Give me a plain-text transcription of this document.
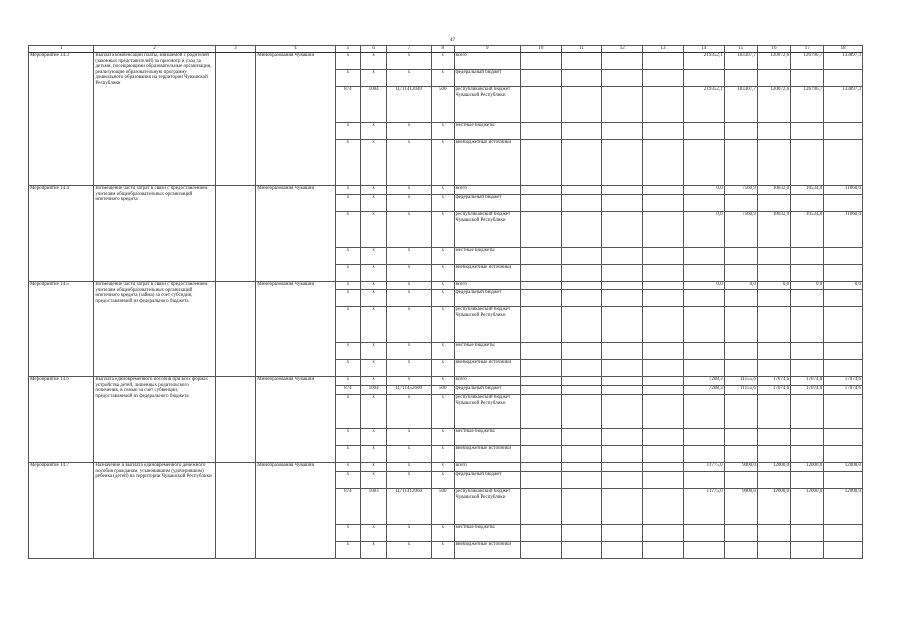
47
1	2	3	4	5	6	7	8	9	10	11	12	13	14	15	16	17	18
Мероприятие 14.3	Выплата компенсации платы, взимаемой с родителей (законных представителей) за присмотр и уход за детьми, посещающими образовательные организации, реализующие образовательную программу дошкольного образования на территории Чувашской Республики		Минобразования Чувашии	x	x	x	x	всего					219352,1	183307,7	120072,6	126796,7	133897,3
				x	x	x	x	федеральный бюджет									
				874	1004	Ц711412040	500	республиканский бюджет Чувашской Республики					219352,1	183307,7	120072,6	126796,7	133897,3
				x	x	x	x	местные бюджеты									
				x	x	x	x	внебюджетные источники									
Мероприятие 14.4	Возмещение части затрат в связи с предоставлением учителям общеобразовательных организаций ипотечного кредита		Минобразования Чувашии	x	x	x	x	всего					0,0	7560,9	10032,0	10534,0	11060,0
				x	x	x	x	федеральный бюджет									
				x	x	x	x	республиканский бюджет Чувашской Республики					0,0	7560,9	10032,0	10534,0	11060,0
				x	x	x	x	местные бюджеты									
				x	x	x	x	внебюджетные источники									
Мероприятие 14.5	Возмещение части затрат в связи с предоставлением учителям общеобразовательных организаций ипотечного кредита (займа) за счет субсидии, предоставляемой из федерального бюджета		Минобразования Чувашии	x	x	x	x	всего					0,0	0,0	0,0	0,0	0,0
				x	x	x	x	федеральный бюджет									
				x	x	x	x	республиканский бюджет Чувашской Республики									
				x	x	x	x	местные бюджеты									
				x	x	x	x	внебюджетные источники									
Мероприятие 14.6	Выплата единовременного пособия при всех формах устройства детей, лишенных родительского попечения, в семью за счет субвенции, предоставляемой из федерального бюджета		Минобразования Чувашии	x	x	x	x	всего					7208,3	11155,6	17074,6	17074,6	17074,6
				874	1004	Ц711452600	500	федеральный бюджет					7208,3	11155,6	17074,6	17074,6	17074,6
				x	x	x	x	республиканский бюджет Чувашской Республики									
				x	x	x	x	местные бюджеты									
				x	x	x	x	внебюджетные источники									
Мероприятие 14.7	Назначение и выплата единовременного денежного пособия гражданам, усыновившим (удочерившим) ребенка (детей) на территории Чувашской Республики		Минобразования Чувашии	x	x	x	x	всего					11775,0	9000,0	12000,0	12000,0	12000,0
				x	x	x	x	федеральный бюджет									
				874	1003	Ц711412060	500	республиканский бюджет Чувашской Республики					11775,0	9000,0	12000,0	12000,0	12000,0
				x	x	x	x	местные бюджеты									
				x	x	x	x	внебюджетные источники									
